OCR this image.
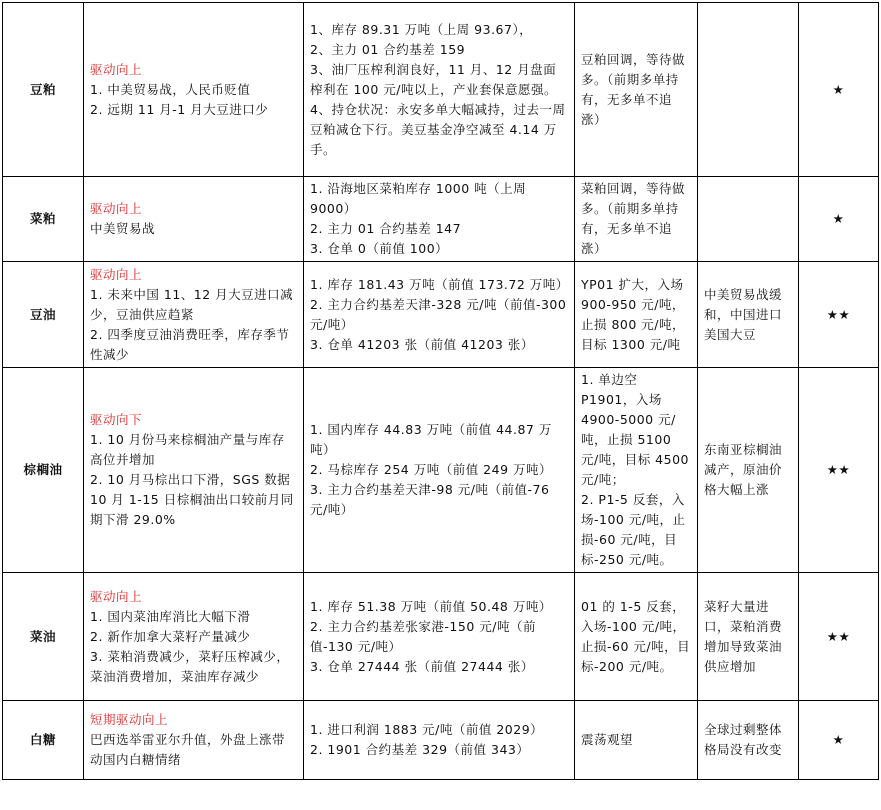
豆粕	驱动向上
1. 中美贸易战，人民币贬值
2. 远期 11 月-1 月大豆进口少	1、库存 89.31 万吨（上周 93.67），
2、主力 01 合约基差 159
3、油厂压榨利润良好，11 月、12 月盘面榨利在 100 元/吨以上，产业套保意愿强。
4、持仓状况：永安多单大幅减持，过去一周豆粕减仓下行。美豆基金净空减至 4.14 万手。	豆粕回调，等待做多。（前期多单持有，无多单不追涨）		★
菜粕	驱动向上
中美贸易战	1. 沿海地区菜粕库存 1000 吨（上周 9000）
2. 主力 01 合约基差 147
3. 仓单 0（前值 100）	菜粕回调，等待做多。（前期多单持有，无多单不追涨）		★
豆油	驱动向上
1. 未来中国 11、12 月大豆进口减少，豆油供应趋紧
2. 四季度豆油消费旺季，库存季节性减少	1. 库存 181.43 万吨（前值 173.72 万吨）
2. 主力合约基差天津-328 元/吨（前值-300 元/吨）
3. 仓单 41203 张（前值 41203 张）	YP01 扩大，入场 900-950 元/吨，止损 800 元/吨，目标 1300 元/吨	中美贸易战缓和，中国进口美国大豆	★★
棕榈油	驱动向下
1. 10 月份马来棕榈油产量与库存高位并增加
2. 10 月马棕出口下滑，SGS 数据 10 月 1-15 日棕榈油出口较前月同期下滑 29.0%	1. 国内库存 44.83 万吨（前值 44.87 万吨）
2. 马棕库存 254 万吨（前值 249 万吨）
3. 主力合约基差天津-98 元/吨（前值-76 元/吨）	1. 单边空 P1901，入场 4900-5000 元/吨，止损 5100 元/吨，目标 4500 元/吨；
2. P1-5 反套，入场-100 元/吨，止损-60 元/吨，目标-250 元/吨。	东南亚棕榈油减产，原油价格大幅上涨	★★
菜油	驱动向上
1. 国内菜油库消比大幅下滑
2. 新作加拿大菜籽产量减少
3. 菜粕消费减少，菜籽压榨减少，菜油消费增加，菜油库存减少	1. 库存 51.38 万吨（前值 50.48 万吨）
2. 主力合约基差张家港-150 元/吨（前值-130 元/吨）
3. 仓单 27444 张（前值 27444 张）	01 的 1-5 反套，入场-100 元/吨，止损-60 元/吨，目标-200 元/吨。	菜籽大量进口，菜粕消费增加导致菜油供应增加	★★
白糖	短期驱动向上
巴西选举雷亚尔升值，外盘上涨带动国内白糖情绪	1. 进口利润 1883 元/吨（前值 2029）
2. 1901 合约基差 329（前值 343）	震荡观望	全球过剩整体格局没有改变	★
